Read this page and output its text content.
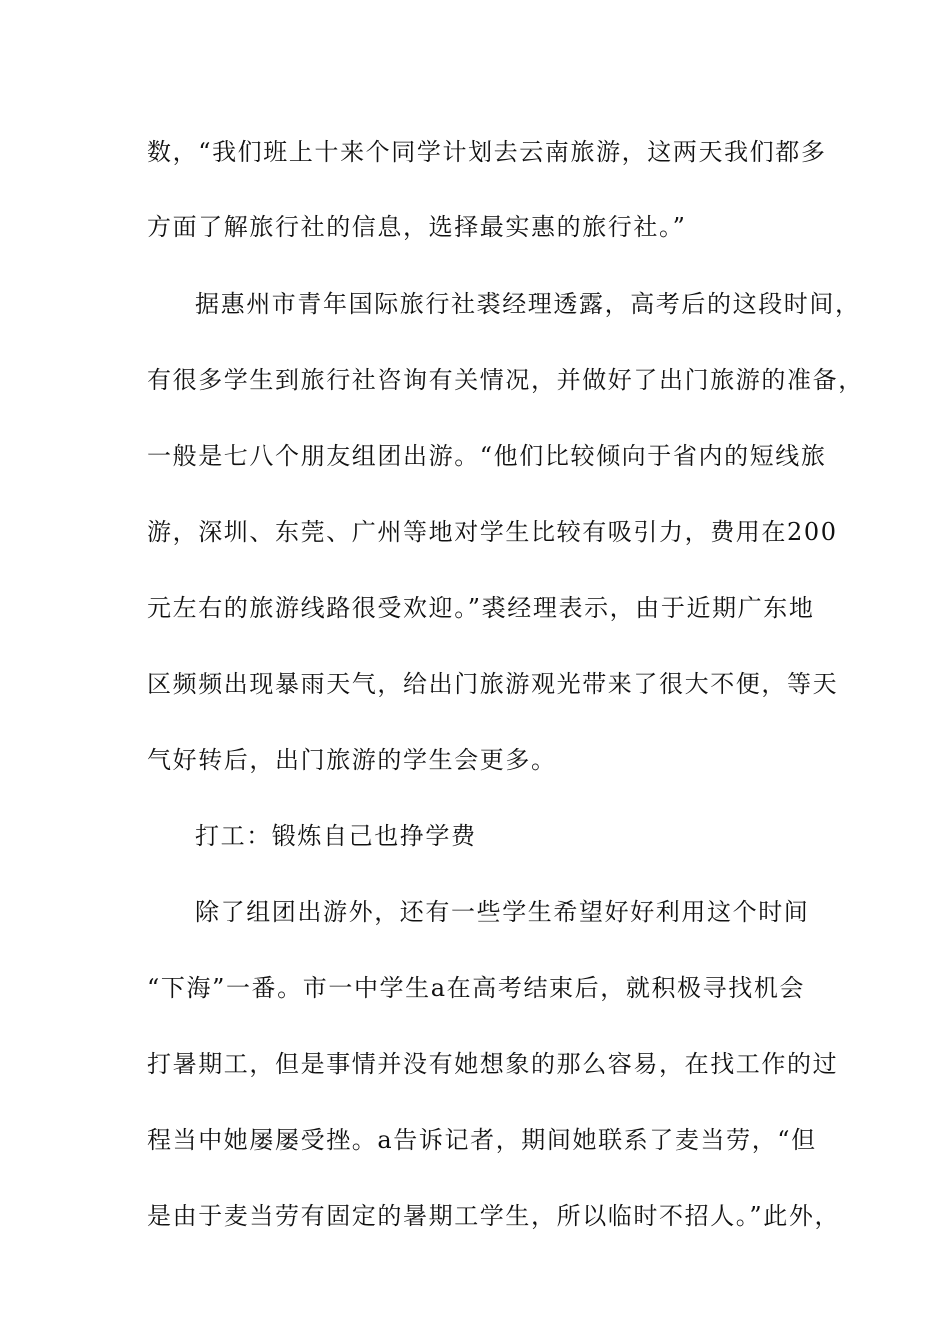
数，“我们班上十来个同学计划去云南旅游，这两天我们都多
方面了解旅行社的信息，选择最实惠的旅行社。”
据惠州市青年国际旅行社裘经理透露，高考后的这段时间，
有很多学生到旅行社咨询有关情况，并做好了出门旅游的准备，
一般是七八个朋友组团出游。“他们比较倾向于省内的短线旅
游，深圳、东莞、广州等地对学生比较有吸引力，费用在200
元左右的旅游线路很受欢迎。”裘经理表示，由于近期广东地
区频频出现暴雨天气，给出门旅游观光带来了很大不便，等天
气好转后，出门旅游的学生会更多。
打工：锻炼自己也挣学费
除了组团出游外，还有一些学生希望好好利用这个时间
“下海”一番。市一中学生a在高考结束后，就积极寻找机会
打暑期工，但是事情并没有她想象的那么容易，在找工作的过
程当中她屡屡受挫。a告诉记者，期间她联系了麦当劳，“但
是由于麦当劳有固定的暑期工学生，所以临时不招人。”此外，
